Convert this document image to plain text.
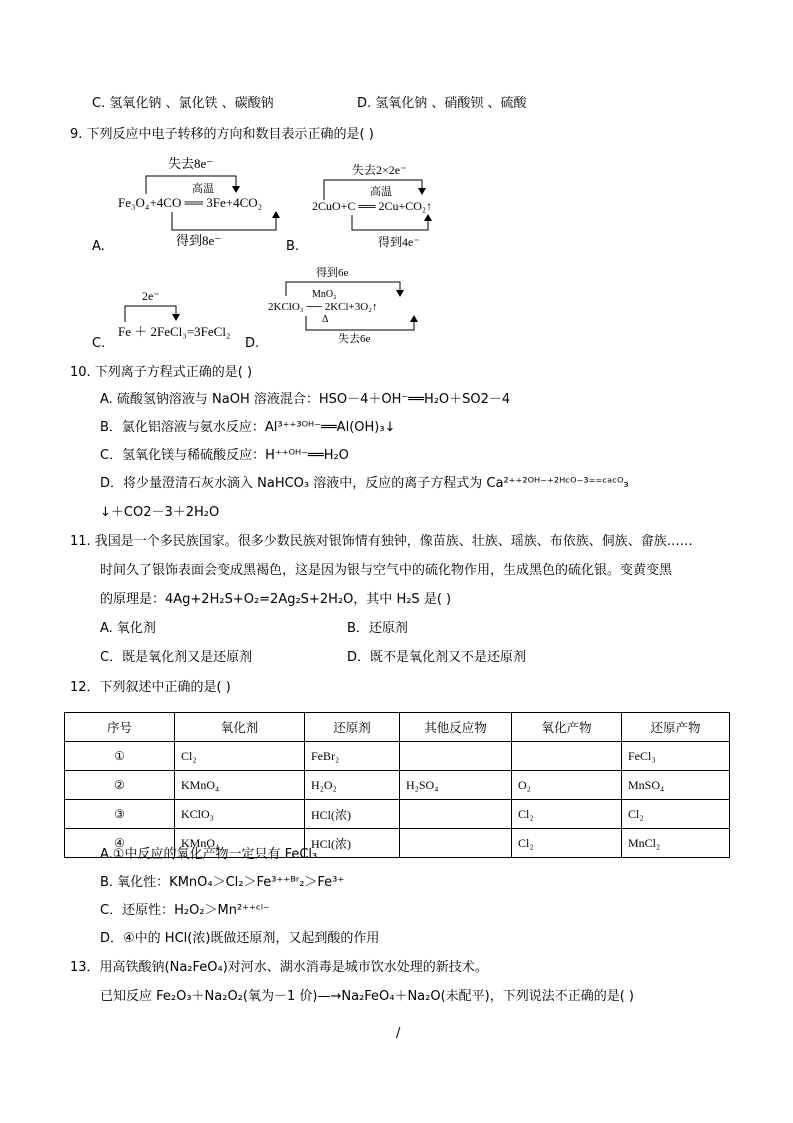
C. 氢氧化钠 、氯化铁 、碳酸钠	D. 氢氧化钠 、硝酸钡 、硫酸
9. 下列反应中电子转移的方向和数目表示正确的是( )
失去8e⁻
Fe₃O₄+4CO ══ 3Fe+4CO₂
高温
得到8e⁻
A.
失去2×2e⁻
2CuO+C ══ 2Cu+CO₂↑
高温
得到4e⁻
B.
2e⁻
Fe ＋ 2FeCl₃=3FeCl₂
C.
得到6e
MnO₂
2KClO₃ ── 2KCl+3O₂↑
Δ
失去6e
D.
10. 下列离子方程式正确的是( )
A. 硫酸氢钠溶液与 NaOH 溶液混合：HSO－4＋OH⁻══H₂O＋SO2－4
B．氯化铝溶液与氨水反应：Al³⁺⁺³ᴼᴴ⁻══Al(OH)₃↓
C．氢氧化镁与稀硫酸反应：H⁺⁺ᴼᴴ⁻══H₂O
D．将少量澄清石灰水滴入 NaHCO₃ 溶液中，反应的离子方程式为 Ca²⁺⁺²ᴼᴴ⁻⁺²ᴴᶜᴼ⁻³⁼⁼ᶜᵃᶜᴼ₃
↓＋CO2－3＋2H₂O
11. 我国是一个多民族国家。很多少数民族对银饰情有独钟，像苗族、壮族、瑶族、布依族、侗族、畲族……
时间久了银饰表面会变成黑褐色，这是因为银与空气中的硫化物作用，生成黑色的硫化银。变黄变黑
的原理是：4Ag+2H₂S+O₂=2Ag₂S+2H₂O，其中 H₂S 是( )
A. 氧化剂	B．还原剂
C．既是氧化剂又是还原剂	D．既不是氧化剂又不是还原剂
12．下列叙述中正确的是( )
序号	氧化剂	还原剂	其他反应物	氧化产物	还原产物
①	Cl₂	FeBr₂			FeCl₃
②	KMnO₄	H₂O₂	H₂SO₄	O₂	MnSO₄
③	KClO₃	HCl(浓)		Cl₂	Cl₂
④	KMnO₄	HCl(浓)		Cl₂	MnCl₂
A.①中反应的氧化产物一定只有 FeCl₃
B. 氧化性：KMnO₄＞Cl₂＞Fe³⁺⁺ᴮʳ₂＞Fe³⁺
C．还原性：H₂O₂＞Mn²⁺⁺ᶜˡ⁻
D．④中的 HCl(浓)既做还原剂，又起到酸的作用
13．用高铁酸钠(Na₂FeO₄)对河水、湖水消毒是城市饮水处理的新技术。
已知反应 Fe₂O₃＋Na₂O₂(氧为－1 价)—→Na₂FeO₄＋Na₂O(未配平)，下列说法不正确的是( )
/
